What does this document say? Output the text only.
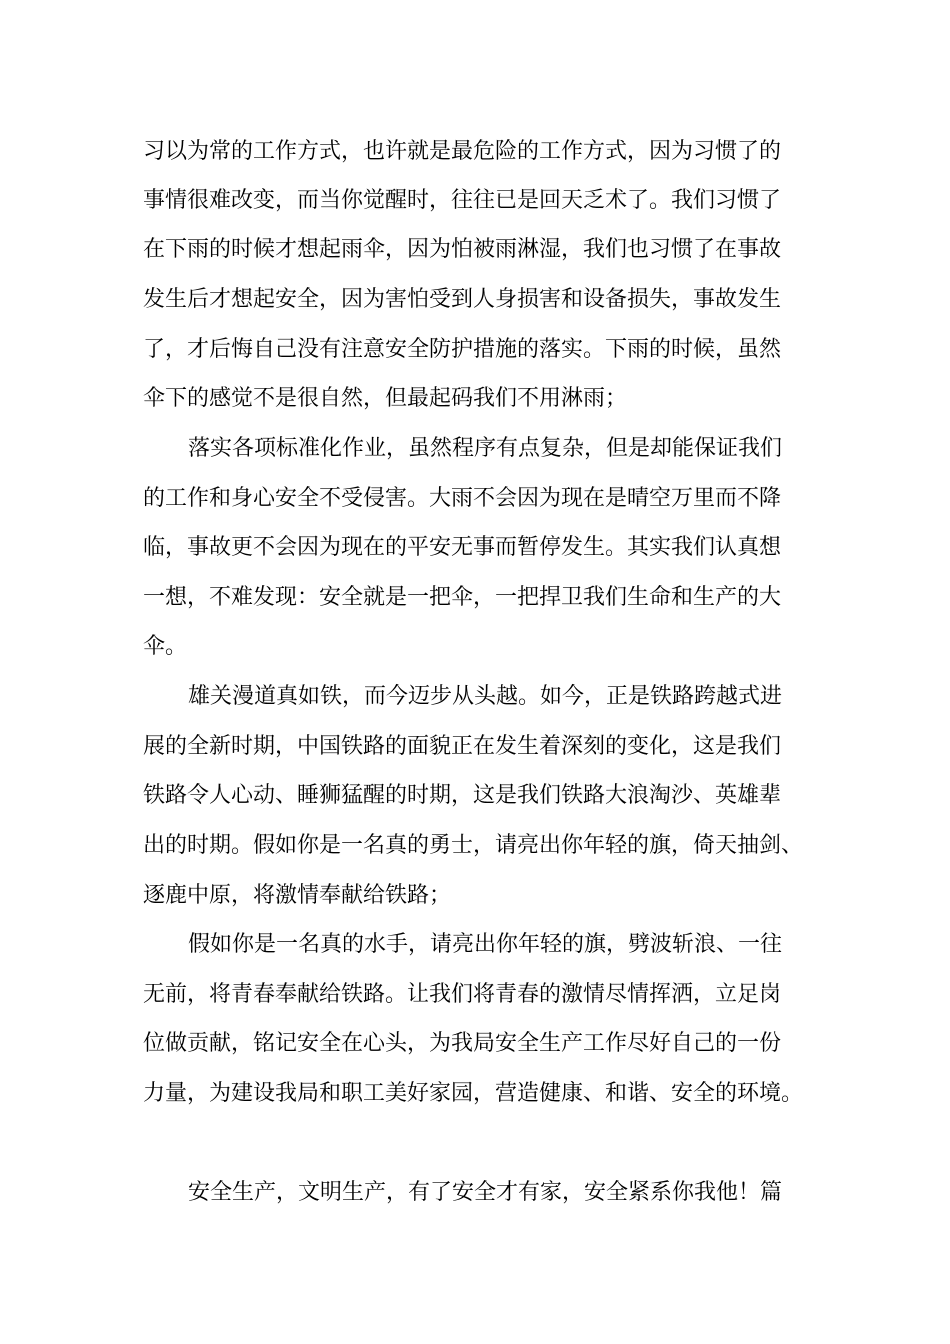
习以为常的工作方式，也许就是最危险的工作方式，因为习惯了的
事情很难改变，而当你觉醒时，往往已是回天乏术了。我们习惯了
在下雨的时候才想起雨伞，因为怕被雨淋湿，我们也习惯了在事故
发生后才想起安全，因为害怕受到人身损害和设备损失，事故发生
了，才后悔自己没有注意安全防护措施的落实。下雨的时候，虽然
伞下的感觉不是很自然，但最起码我们不用淋雨；
落实各项标准化作业，虽然程序有点复杂，但是却能保证我们
的工作和身心安全不受侵害。大雨不会因为现在是晴空万里而不降
临，事故更不会因为现在的平安无事而暂停发生。其实我们认真想
一想，不难发现：安全就是一把伞，一把捍卫我们生命和生产的大
伞。
雄关漫道真如铁，而今迈步从头越。如今，正是铁路跨越式进
展的全新时期，中国铁路的面貌正在发生着深刻的变化，这是我们
铁路令人心动、睡狮猛醒的时期，这是我们铁路大浪淘沙、英雄辈
出的时期。假如你是一名真的勇士，请亮出你年轻的旗，倚天抽剑、
逐鹿中原，将激情奉献给铁路；
假如你是一名真的水手，请亮出你年轻的旗，劈波斩浪、一往
无前，将青春奉献给铁路。让我们将青春的激情尽情挥洒，立足岗
位做贡献，铭记安全在心头，为我局安全生产工作尽好自己的一份
力量，为建设我局和职工美好家园，营造健康、和谐、安全的环境。
安全生产，文明生产，有了安全才有家，安全紧系你我他！篇
